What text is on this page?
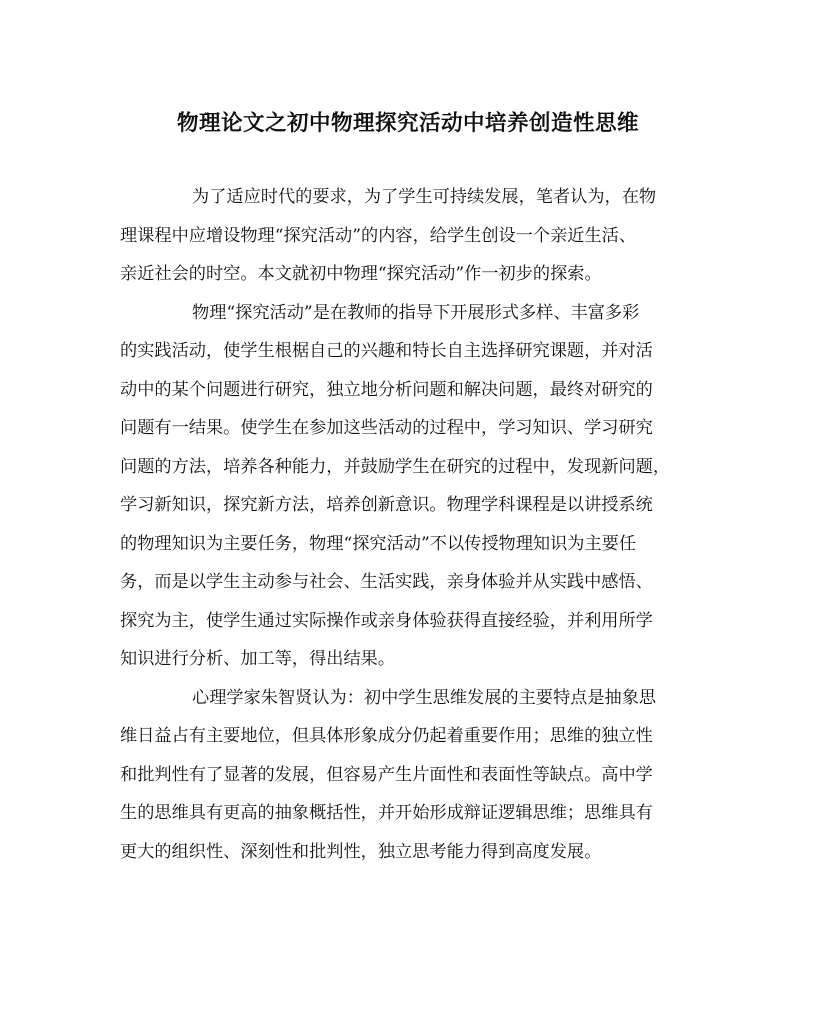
物理论文之初中物理探究活动中培养创造性思维
为了适应时代的要求，为了学生可持续发展，笔者认为，在物
理课程中应增设物理“探究活动”的内容，给学生创设一个亲近生活、
亲近社会的时空。本文就初中物理“探究活动”作一初步的探索。
物理“探究活动”是在教师的指导下开展形式多样、丰富多彩
的实践活动，使学生根椐自己的兴趣和特长自主选择研究课题，并对活
动中的某个问题进行研究，独立地分析问题和解决问题，最终对研究的
问题有一结果。使学生在参加这些活动的过程中，学习知识、学习研究
问题的方法，培养各种能力，并鼓励学生在研究的过程中，发现新问题，
学习新知识，探究新方法，培养创新意识。物理学科课程是以讲授系统
的物理知识为主要任务，物理“探究活动”不以传授物理知识为主要任
务，而是以学生主动参与社会、生活实践，亲身体验并从实践中感悟、
探究为主，使学生通过实际操作或亲身体验获得直接经验，并利用所学
知识进行分析、加工等，得出结果。
心理学家朱智贤认为：初中学生思维发展的主要特点是抽象思
维日益占有主要地位，但具体形象成分仍起着重要作用；思维的独立性
和批判性有了显著的发展，但容易产生片面性和表面性等缺点。高中学
生的思维具有更高的抽象概括性，并开始形成辩证逻辑思维；思维具有
更大的组织性、深刻性和批判性，独立思考能力得到高度发展。
